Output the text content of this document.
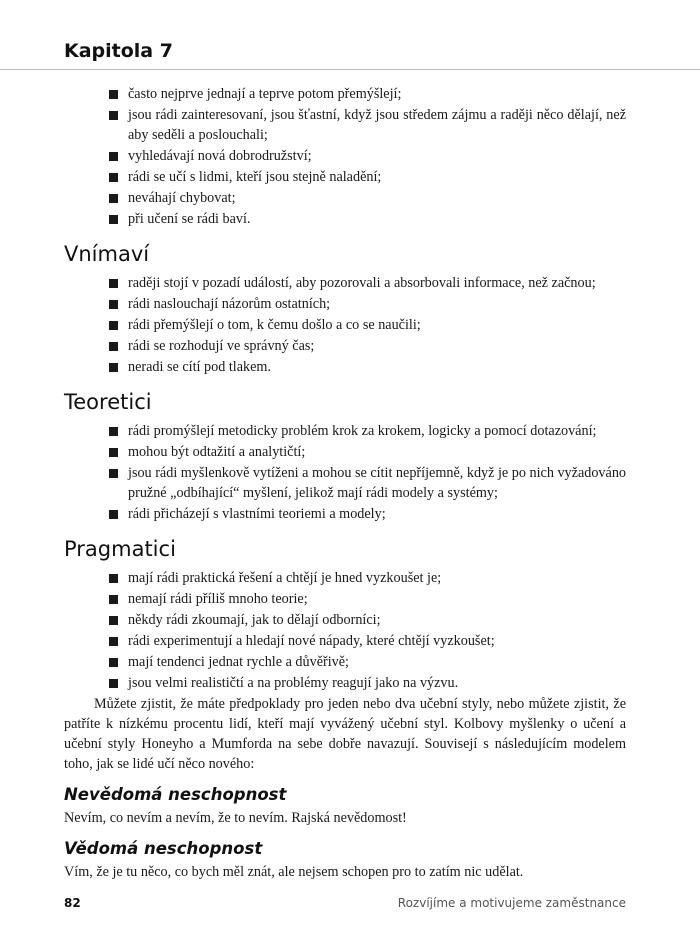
Kapitola 7
často nejprve jednají a teprve potom přemýšlejí;
jsou rádi zainteresovaní, jsou šťastní, když jsou středem zájmu a raději něco dělají, než aby seděli a poslouchali;
vyhledávají nová dobrodružství;
rádi se učí s lidmi, kteří jsou stejně naladění;
neváhají chybovat;
při učení se rádi baví.
Vnímaví
raději stojí v pozadí událostí, aby pozorovali a absorbovali informace, než začnou;
rádi naslouchají názorům ostatních;
rádi přemýšlejí o tom, k čemu došlo a co se naučili;
rádi se rozhodují ve správný čas;
neradi se cítí pod tlakem.
Teoretici
rádi promýšlejí metodicky problém krok za krokem, logicky a pomocí dotazování;
mohou být odtažití a analytičtí;
jsou rádi myšlenkově vytíženi a mohou se cítit nepříjemně, když je po nich vyžadováno pružné „odbíhající“ myšlení, jelikož mají rádi modely a systémy;
rádi přicházejí s vlastními teoriemi a modely;
Pragmatici
mají rádi praktická řešení a chtějí je hned vyzkoušet je;
nemají rádi příliš mnoho teorie;
někdy rádi zkoumají, jak to dělají odborníci;
rádi experimentují a hledají nové nápady, které chtějí vyzkoušet;
mají tendenci jednat rychle a důvěřivě;
jsou velmi realističtí a na problémy reagují jako na výzvu.

Můžete zjistit, že máte předpoklady pro jeden nebo dva učební styly, nebo můžete zjistit, že patříte k nízkému procentu lidí, kteří mají vyvážený učební styl. Kolbovy myšlenky o učení a učební styly Honeyho a Mumforda na sebe dobře navazují. Souvisejí s následujícím modelem toho, jak se lidé učí něco nového:

Nevědomá neschopnost

Nevím, co nevím a nevím, že to nevím. Rajská nevědomost!

Vědomá neschopnost

Vím, že je tu něco, co bych měl znát, ale nejsem schopen pro to zatím nic udělat.

82	Rozvíjíme a motivujeme zaměstnance
